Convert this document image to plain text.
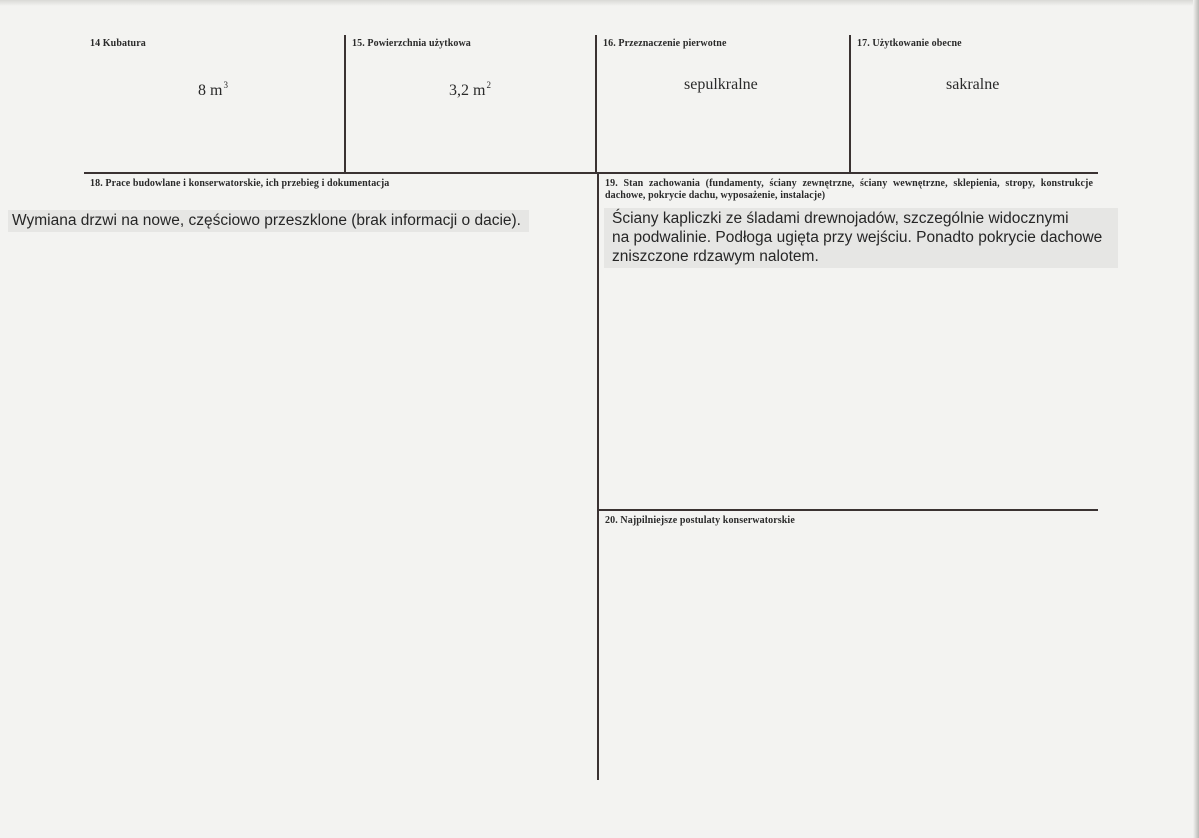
14 Kubatura
8 $m^3$
15. Powierzchnia użytkowa
3,2 $m^2$
16. Przeznaczenie pierwotne
sepulkralne
17. Użytkowanie obecne
sakralne
18. Prace budowlane i konserwatorskie, ich przebieg i dokumentacja
Wymiana drzwi na nowe, częściowo przeszklone (brak informacji o dacie).
19. Stan zachowania (fundamenty, ściany zewnętrzne, ściany wewnętrzne, sklepienia, stropy, konstrukcje dachowe, pokrycie dachu, wyposażenie, instalacje)
Ściany kapliczki ze śladami drewnojadów, szczególnie widocznymi
na podwalinie. Podłoga ugięta przy wejściu. Ponadto pokrycie dachowe
zniszczone rdzawym nalotem.
20. Najpilniejsze postulaty konserwatorskie
